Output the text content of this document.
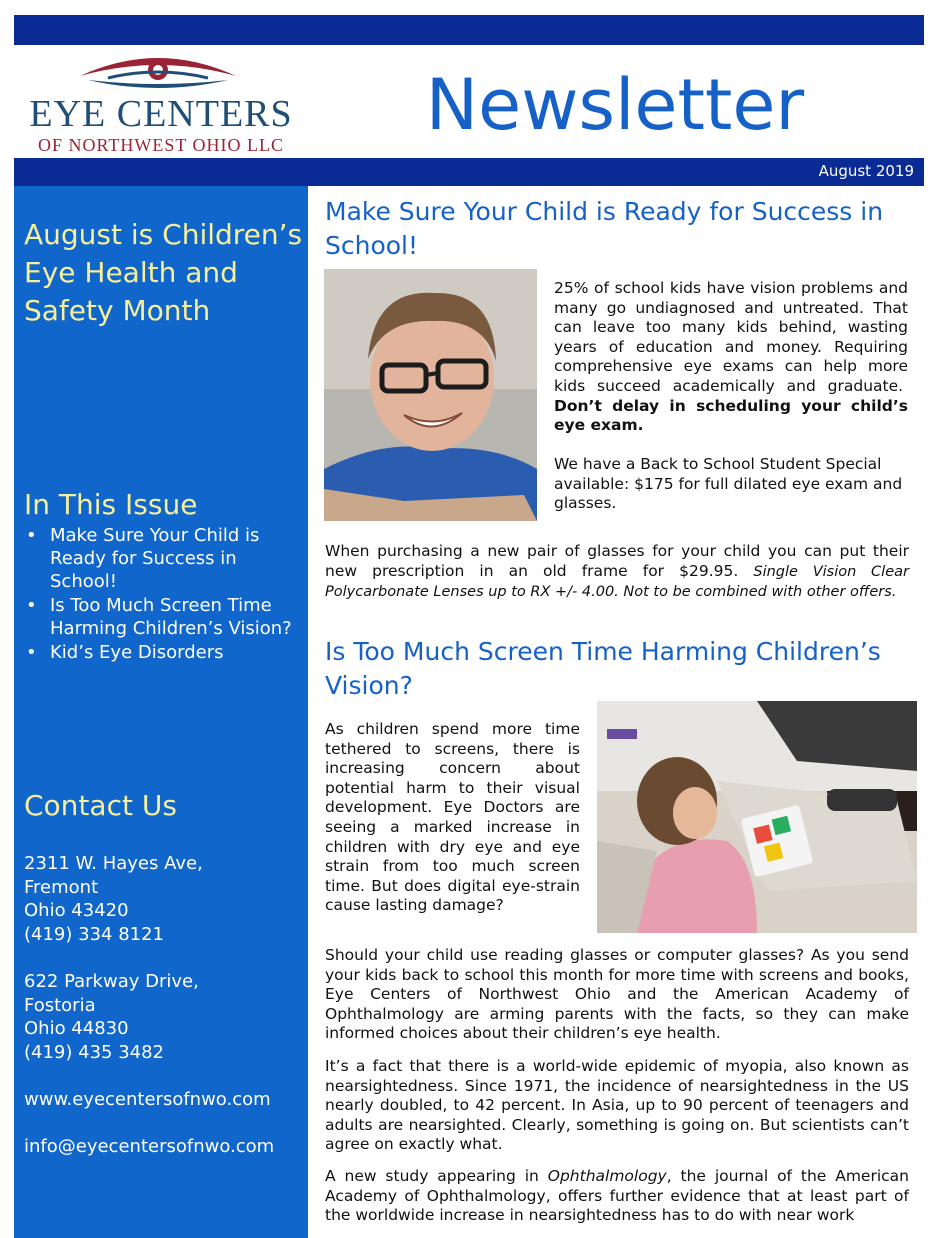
EYE CENTERS
OF NORTHWEST OHIO LLC	Newsletter
August 2019
August is Children’s Eye Health and Safety Month
In This Issue
• Make Sure Your Child is Ready for Success in School!
• Is Too Much Screen Time Harming Children’s Vision?
• Kid’s Eye Disorders
Contact Us
2311 W. Hayes Ave,
Fremont
Ohio 43420
(419) 334 8121
622 Parkway Drive,
Fostoria
Ohio 44830
(419) 435 3482
www.eyecentersofnwo.com
info@eyecentersofnwo.com
Make Sure Your Child is Ready for Success in School!
25% of school kids have vision problems and many go undiagnosed and untreated. That can leave too many kids behind, wasting years of education and money. Requiring comprehensive eye exams can help more kids succeed academically and graduate.  Don’t delay in scheduling your child’s eye exam.
We have a Back to School Student Special available: $175 for full dilated eye exam and glasses.
When purchasing a new pair of glasses for your child you can put their new prescription in an old frame for $29.95. Single Vision Clear Polycarbonate Lenses up to RX +/- 4.00. Not to be combined with other offers.
Is Too Much Screen Time Harming Children’s Vision?
As children spend more time tethered to screens, there is increasing concern about potential harm to their visual development. Eye Doctors are seeing a marked increase in children with dry eye and eye strain from too much screen time. But does digital eye-strain cause lasting damage?
Should your child use reading glasses or computer glasses? As you send your kids back to school this month for more time with screens and books, Eye Centers of Northwest Ohio and the American Academy of Ophthalmology are arming parents with the facts, so they can make informed choices about their children’s eye health.
It’s a fact that there is a world-wide epidemic of myopia, also known as nearsightedness. Since 1971, the incidence of nearsightedness in the US nearly doubled, to 42 percent. In Asia, up to 90 percent of teenagers and adults are nearsighted. Clearly, something is going on. But scientists can’t agree on exactly what.
A new study appearing in Ophthalmology, the journal of the American Academy of Ophthalmology, offers further evidence that at least part of the worldwide increase in nearsightedness has to do with near work
